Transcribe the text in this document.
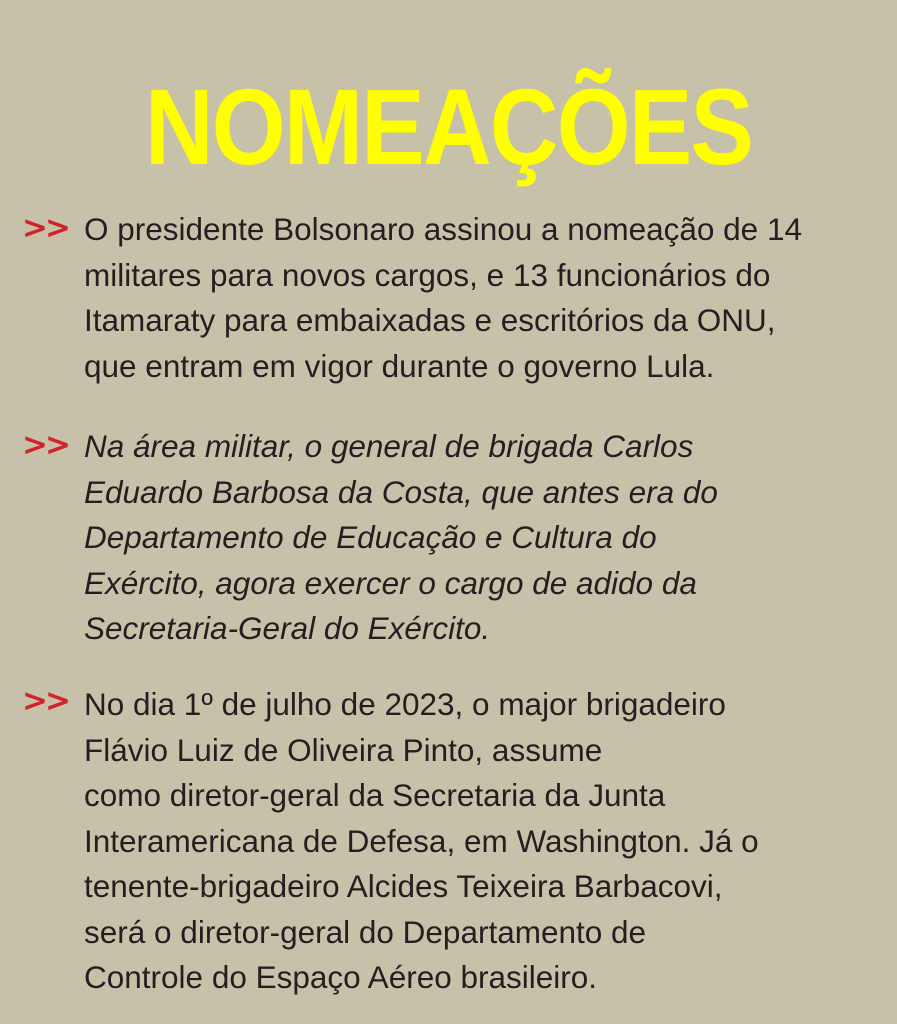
NOMEAÇÕES
>> O presidente Bolsonaro assinou a nomeação de 14
militares para novos cargos, e 13 funcionários do
Itamaraty para embaixadas e escritórios da ONU,
que entram em vigor durante o governo Lula.

>> Na área militar, o general de brigada Carlos
Eduardo Barbosa da Costa, que antes era do
Departamento de Educação e Cultura do
Exército, agora exercer o cargo de adido da
Secretaria-Geral do Exército.

>> No dia 1º de julho de 2023, o major brigadeiro
Flávio Luiz de Oliveira Pinto, assume
como diretor-geral da Secretaria da Junta
Interamericana de Defesa, em Washington. Já o
tenente-brigadeiro Alcides Teixeira Barbacovi,
será o diretor-geral do Departamento de
Controle do Espaço Aéreo brasileiro.
